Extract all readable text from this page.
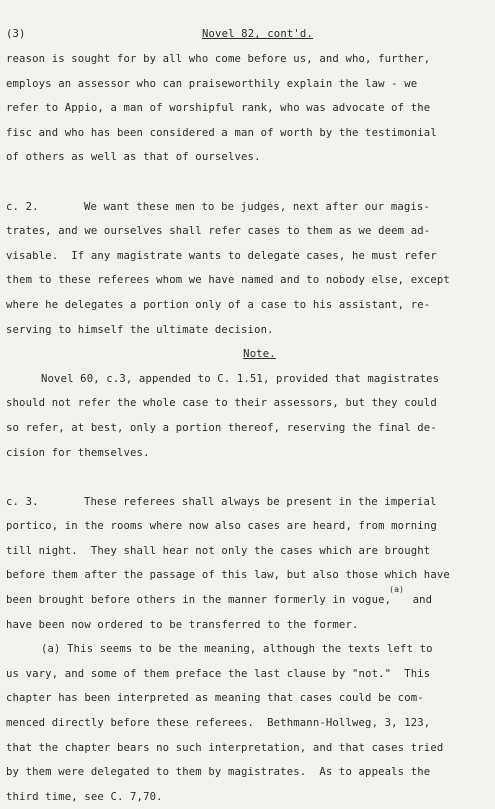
(3)	Novel 82, cont'd.
reason is sought for by all who come before us, and who, further,
employs an assessor who can praiseworthily explain the law - we
refer to Appio, a man of worshipful rank, who was advocate of the
fisc and who has been considered a man of worth by the testimonial
of others as well as that of ourselves.
c. 2.	We want these men to be judges, next after our magis-
trates, and we ourselves shall refer cases to them as we deem ad-
visable.  If any magistrate wants to delegate cases, he must refer
them to these referees whom we have named and to nobody else, except
where he delegates a portion only of a case to his assistant, re-
serving to himself the ultimate decision.
Note.
Novel 60, c.3, appended to C. 1.51, provided that magistrates
should not refer the whole case to their assessors, but they could
so refer, at best, only a portion thereof, reserving the final de-
cision for themselves.
c. 3.	These referees shall always be present in the imperial
portico, in the rooms where now also cases are heard, from morning
till night.  They shall hear not only the cases which are brought
before them after the passage of this law, but also those which have
been brought before others in the manner formerly in vogue,$^{(a)}$ and
have been now ordered to be transferred to the former.
(a) This seems to be the meaning, although the texts left to
us vary, and some of them preface the last clause by "not."  This
chapter has been interpreted as meaning that cases could be com-
menced directly before these referees.  Bethmann-Hollweg, 3, 123,
that the chapter bears no such interpretation, and that cases tried
by them were delegated to them by magistrates.  As to appeals the
third time, see C. 7,70.
